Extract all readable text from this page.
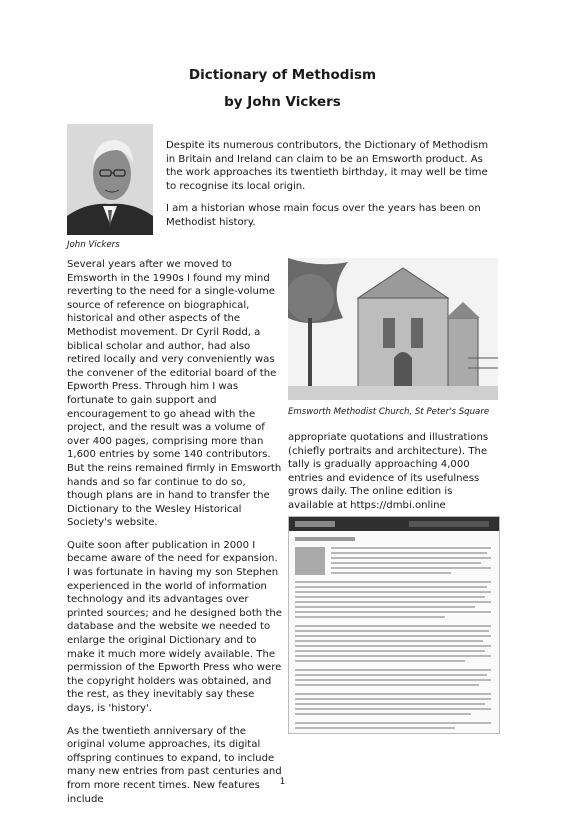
Dictionary of Methodism
by John Vickers
John Vickers

Despite its numerous contributors, the Dictionary of Methodism in Britain and Ireland can claim to be an Emsworth product. As the work approaches its twentieth birthday, it may well be time to recognise its local origin.

I am a historian whose main focus over the years has been on Methodist history.

Several years after we moved to Emsworth in the 1990s I found my mind reverting to the need for a single-volume source of reference on biographical, historical and other aspects of the Methodist movement. Dr Cyril Rodd, a biblical scholar and author, had also retired locally and very conveniently was the convener of the editorial board of the Epworth Press. Through him I was fortunate to gain support and encouragement to go ahead with the project, and the result was a volume of over 400 pages, comprising more than 1,600 entries by some 140 contributors. But the reins remained firmly in Emsworth hands and so far continue to do so, though plans are in hand to transfer the Dictionary to the Wesley Historical Society's website.

Quite soon after publication in 2000 I became aware of the need for expansion. I was fortunate in having my son Stephen experienced in the world of information technology and its advantages over printed sources; and he designed both the database and the website we needed to enlarge the original Dictionary and to make it much more widely available. The permission of the Epworth Press who were the copyright holders was obtained, and the rest, as they inevitably say these days, is 'history'.

As the twentieth anniversary of the original volume approaches, its digital offspring continues to expand, to include many new entries from past centuries and from more recent times. New features include

Emsworth Methodist Church, St Peter's Square

appropriate quotations and illustrations (chiefly portraits and architecture). The tally is gradually approaching 4,000 entries and evidence of its usefulness grows daily. The online edition is available at https://dmbi.online

1
